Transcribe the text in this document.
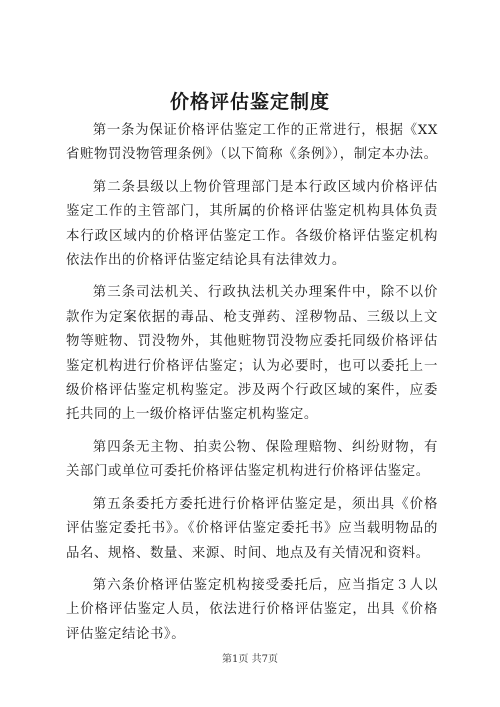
价格评估鉴定制度

第一条为保证价格评估鉴定工作的正常进行，根据《XX省赃物罚没物管理条例》（以下简称《条例》），制定本办法。

第二条县级以上物价管理部门是本行政区域内价格评估鉴定工作的主管部门，其所属的价格评估鉴定机构具体负责本行政区域内的价格评估鉴定工作。各级价格评估鉴定机构依法作出的价格评估鉴定结论具有法律效力。

第三条司法机关、行政执法机关办理案件中，除不以价款作为定案依据的毒品、枪支弹药、淫秽物品、三级以上文物等赃物、罚没物外，其他赃物罚没物应委托同级价格评估鉴定机构进行价格评估鉴定；认为必要时，也可以委托上一级价格评估鉴定机构鉴定。涉及两个行政区域的案件，应委托共同的上一级价格评估鉴定机构鉴定。

第四条无主物、拍卖公物、保险理赔物、纠纷财物，有关部门或单位可委托价格评估鉴定机构进行价格评估鉴定。

第五条委托方委托进行价格评估鉴定是，须出具《价格评估鉴定委托书》。《价格评估鉴定委托书》应当载明物品的品名、规格、数量、来源、时间、地点及有关情况和资料。

第六条价格评估鉴定机构接受委托后，应当指定３人以上价格评估鉴定人员，依法进行价格评估鉴定，出具《价格评估鉴定结论书》。

第1页 共7页
